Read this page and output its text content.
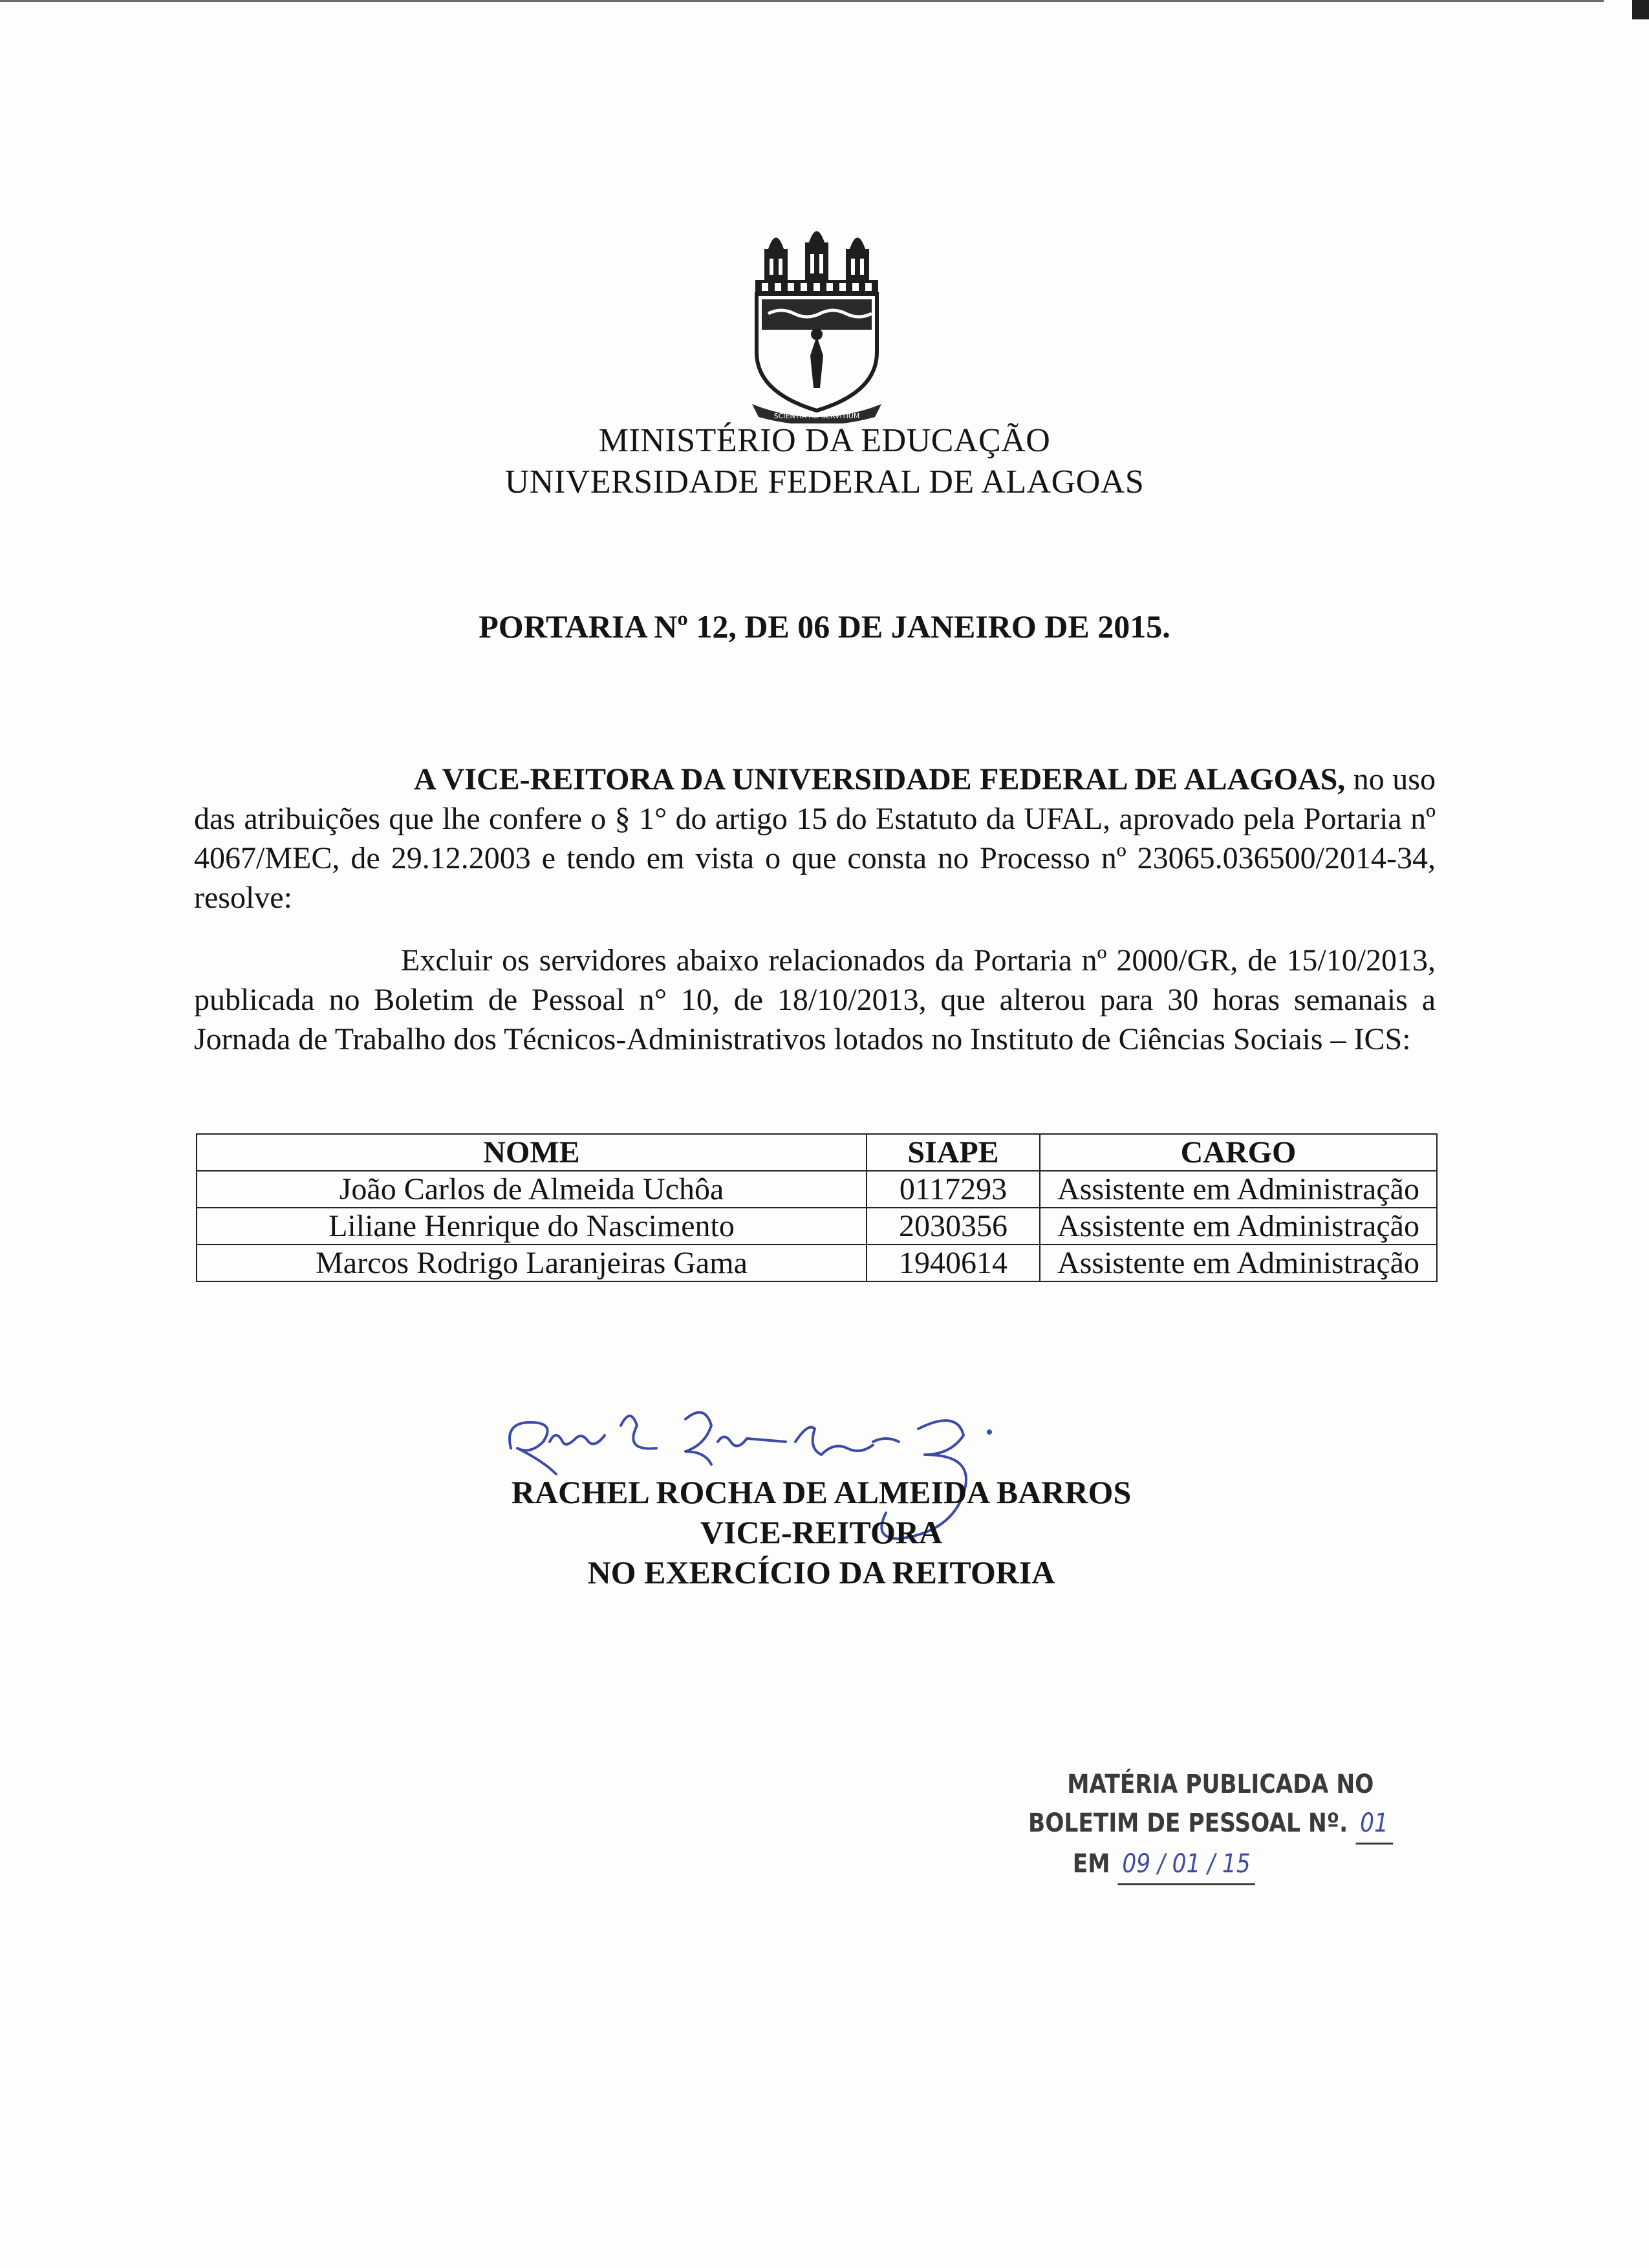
SCIENTIA AD SERVITIUM
MINISTÉRIO DA EDUCAÇÃO
UNIVERSIDADE FEDERAL DE ALAGOAS
PORTARIA Nº 12, DE 06 DE JANEIRO DE 2015.
A VICE-REITORA DA UNIVERSIDADE FEDERAL DE ALAGOAS, no uso das atribuições que lhe confere o § 1° do artigo 15 do Estatuto da UFAL, aprovado pela Portaria nº 4067/MEC, de 29.12.2003 e tendo em vista o que consta no Processo nº 23065.036500/2014-34, resolve:
Excluir os servidores abaixo relacionados da Portaria nº 2000/GR, de 15/10/2013, publicada no Boletim de Pessoal n° 10, de 18/10/2013, que alterou para 30 horas semanais a Jornada de Trabalho dos Técnicos-Administrativos lotados no Instituto de Ciências Sociais – ICS:
NOME	SIAPE	CARGO
João Carlos de Almeida Uchôa	0117293	Assistente em Administração
Liliane Henrique do Nascimento	2030356	Assistente em Administração
Marcos Rodrigo Laranjeiras Gama	1940614	Assistente em Administração
RACHEL ROCHA DE ALMEIDA BARROS
VICE-REITORA
NO EXERCÍCIO DA REITORIA
MATÉRIA PUBLICADA NO
BOLETIM DE PESSOAL Nº. 01
EM 09 / 01 / 15
